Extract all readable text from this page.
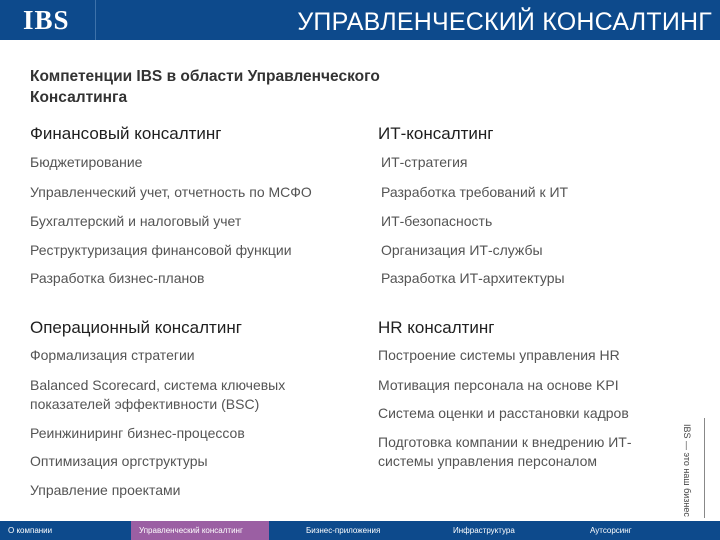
IBS	УПРАВЛЕНЧЕСКИЙ КОНСАЛТИНГ
Компетенции IBS в области Управленческого Консалтинга
Финансовый консалтинг
Бюджетирование
Управленческий учет, отчетность по МСФО
Бухгалтерский и налоговый учет
Реструктуризация финансовой функции
Разработка бизнес-планов
ИТ-консалтинг
ИТ-стратегия
Разработка требований к ИТ
ИТ-безопасность
Организация ИТ-службы
Разработка ИТ-архитектуры
Операционный консалтинг
Формализация стратегии
Balanced Scorecard, система ключевых показателей эффективности (BSC)
Реинжиниринг бизнес-процессов
Оптимизация оргструктуры
Управление проектами
HR консалтинг
Построение системы управления HR
Мотивация персонала на основе KPI
Система оценки и расстановки кадров
Подготовка компании к внедрению ИТ-системы управления персоналом	IBS — это наш бизнес
О компании	Управленческий консалтинг	Бизнес-приложения	Инфраструктура	Аутсорсинг
